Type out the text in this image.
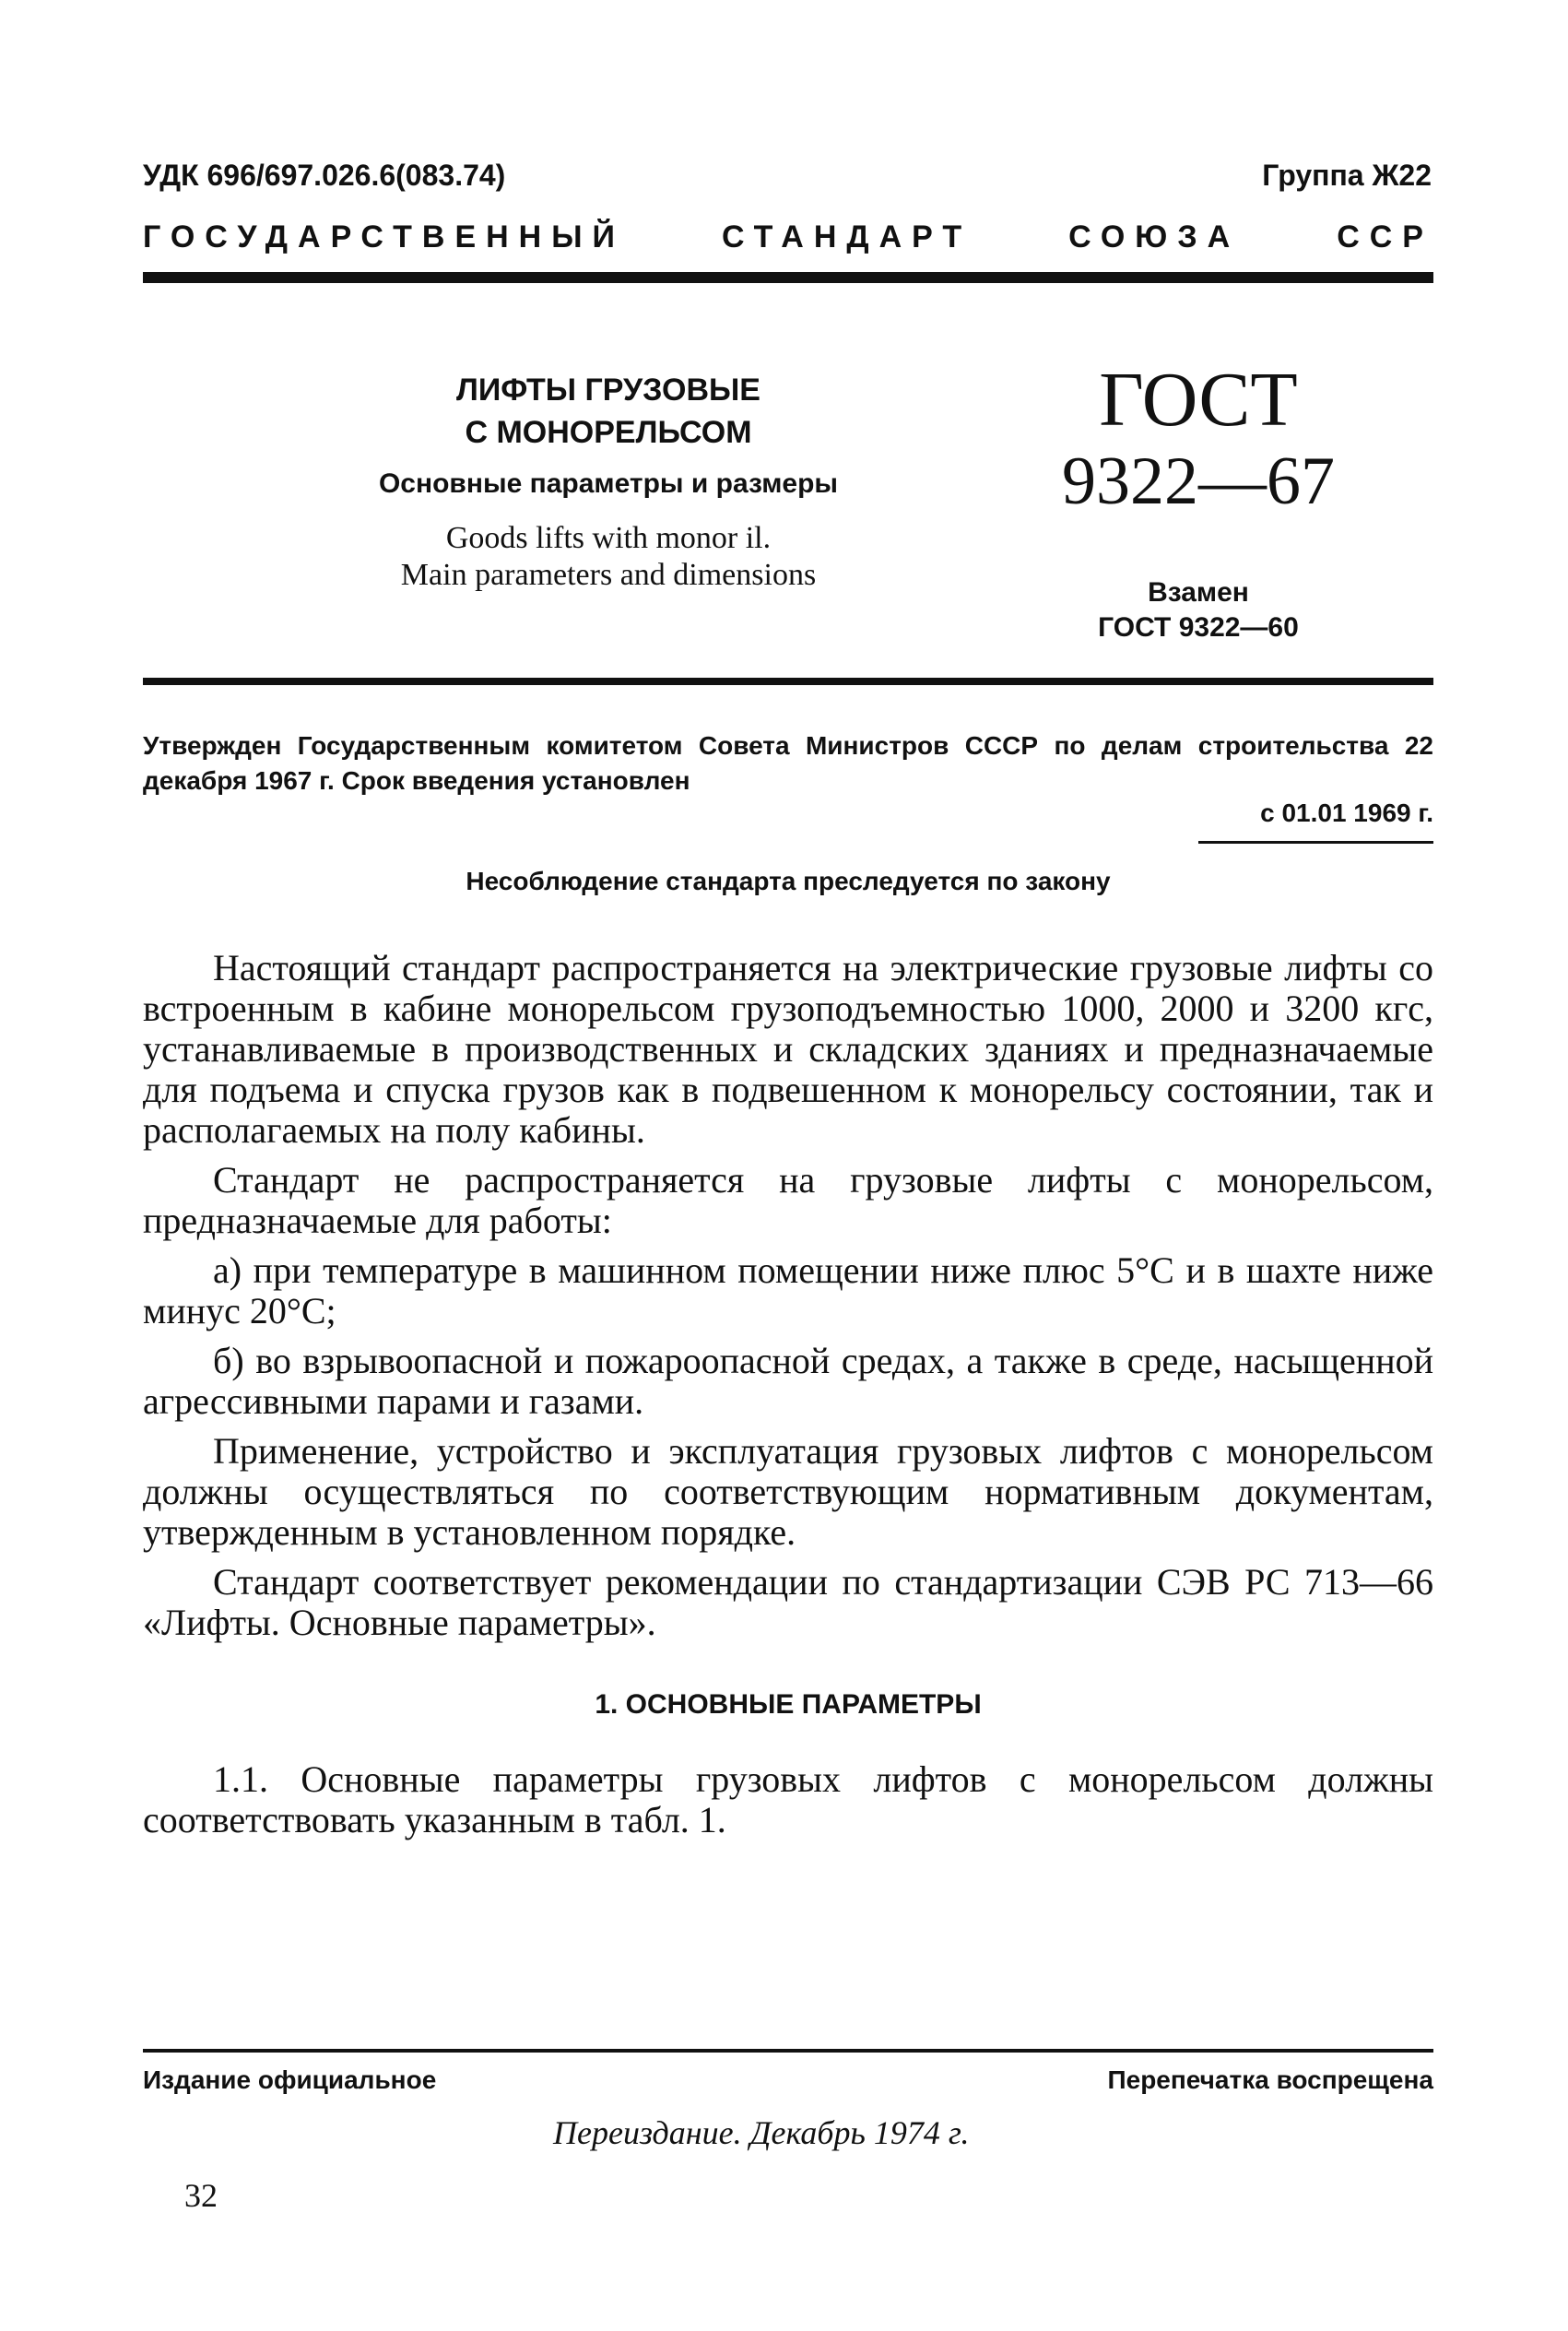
УДК 696/697.026.6(083.74)	Группа Ж22
ГОСУДАРСТВЕННЫЙ	СТАНДАРТ	СОЮЗА	ССР
ЛИФТЫ ГРУЗОВЫЕ
С МОНОРЕЛЬСОМ
Основные параметры и размеры
Goods lifts with monor il.
Main parameters and dimensions
ГОСТ
9322—67
Взамен
ГОСТ 9322—60
Утвержден Государственным комитетом Совета Министров СССР по делам строительства 22 декабря 1967 г. Срок введения установлен
с 01.01 1969 г.
Несоблюдение стандарта преследуется по закону

Настоящий стандарт распространяется на электрические грузовые лифты со встроенным в кабине монорельсом грузоподъемностью 1000, 2000 и 3200 кгс, устанавливаемые в производственных и складских зданиях и предназначаемые для подъема и спуска грузов как в подвешенном к монорельсу состоянии, так и располагаемых на полу кабины.

Стандарт не распространяется на грузовые лифты с монорельсом, предназначаемые для работы:

а) при температуре в машинном помещении ниже плюс 5°С и в шахте ниже минус 20°С;

б) во взрывоопасной и пожароопасной средах, а также в среде, насыщенной агрессивными парами и газами.

Применение, устройство и эксплуатация грузовых лифтов с монорельсом должны осуществляться по соответствующим нормативным документам, утвержденным в установленном порядке.

Стандарт соответствует рекомендации по стандартизации СЭВ РС 713—66 «Лифты. Основные параметры».

1. ОСНОВНЫЕ ПАРАМЕТРЫ

1.1. Основные параметры грузовых лифтов с монорельсом должны соответствовать указанным в табл. 1.

Издание официальное	Перепечатка воспрещена
Переиздание. Декабрь 1974 г.
32
